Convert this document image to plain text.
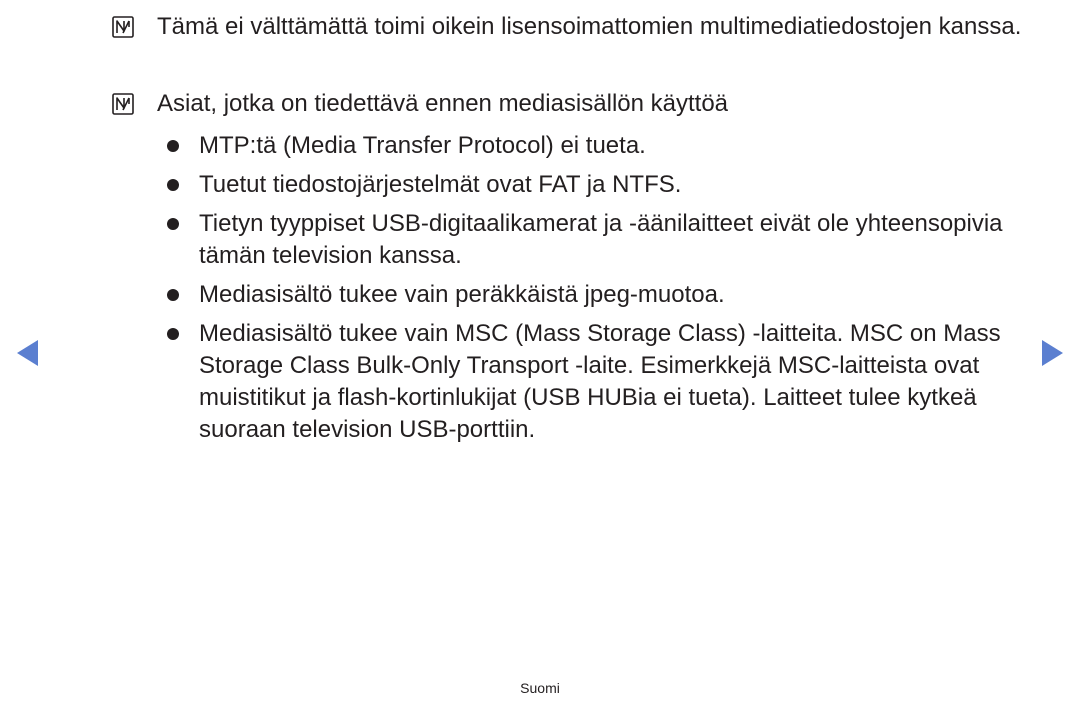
Tämä ei välttämättä toimi oikein lisensoimattomien multimediatiedostojen kanssa.
Asiat, jotka on tiedettävä ennen mediasisällön käyttöä
MTP:tä (Media Transfer Protocol) ei tueta.
Tuetut tiedostojärjestelmät ovat FAT ja NTFS.
Tietyn tyyppiset USB-digitaalikamerat ja -äänilaitteet eivät ole yhteensopivia tämän television kanssa.
Mediasisältö tukee vain peräkkäistä jpeg-muotoa.
Mediasisältö tukee vain MSC (Mass Storage Class) -laitteita. MSC on Mass Storage Class Bulk-Only Transport -laite. Esimerkkejä MSC-laitteista ovat muistitikut ja flash-kortinlukijat (USB HUBia ei tueta). Laitteet tulee kytkeä suoraan television USB-porttiin.
Suomi
